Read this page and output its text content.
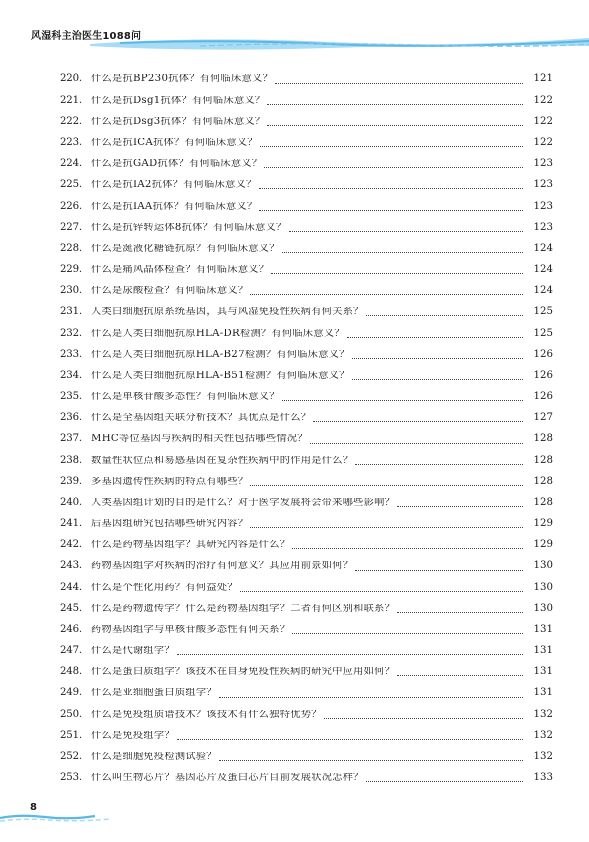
风湿科主治医生1088问
220. 什么是抗BP230抗体？有何临床意义？	121
221. 什么是抗Dsg1抗体？有何临床意义？	122
222. 什么是抗Dsg3抗体？有何临床意义？	122
223. 什么是抗ICA抗体？有何临床意义？	122
224. 什么是抗GAD抗体？有何临床意义？	123
225. 什么是抗IA2抗体？有何临床意义？	123
226. 什么是抗IAA抗体？有何临床意义？	123
227. 什么是抗锌转运体8抗体？有何临床意义？	123
228. 什么是涎液化糖链抗原？有何临床意义？	124
229. 什么是痛风晶体检查？有何临床意义？	124
230. 什么是尿酸检查？有何临床意义？	124
231. 人类白细胞抗原系统基因，其与风湿免疫性疾病有何关系？	125
232. 什么是人类白细胞抗原HLA-DR检测？有何临床意义？	125
233. 什么是人类白细胞抗原HLA-B27检测？有何临床意义？	126
234. 什么是人类白细胞抗原HLA-B51检测？有何临床意义？	126
235. 什么是单核苷酸多态性？有何临床意义？	126
236. 什么是全基因组关联分析技术？其优点是什么？	127
237. MHC等位基因与疾病的相关性包括哪些情况？	128
238. 数量性状位点和易感基因在复杂性疾病中的作用是什么？	128
239. 多基因遗传性疾病的特点有哪些？	128
240. 人类基因组计划的目的是什么？对于医学发展将会带来哪些影响？	128
241. 后基因组研究包括哪些研究内容？	129
242. 什么是药物基因组学？其研究内容是什么？	129
243. 药物基因组学对疾病的治疗有何意义？其应用前景如何？	130
244. 什么是个性化用药？有何益处？	130
245. 什么是药物遗传学？什么是药物基因组学？二者有何区别和联系？	130
246. 药物基因组学与单核苷酸多态性有何关系？	131
247. 什么是代谢组学？	131
248. 什么是蛋白质组学？该技术在自身免疫性疾病的研究中应用如何？	131
249. 什么是亚细胞蛋白质组学？	131
250. 什么是免疫组质谱技术？该技术有什么独特优势？	132
251. 什么是免疫组学？	132
252. 什么是细胞免疫检测试验？	132
253. 什么叫生物芯片？基因芯片及蛋白芯片目前发展状况怎样？	133
8
